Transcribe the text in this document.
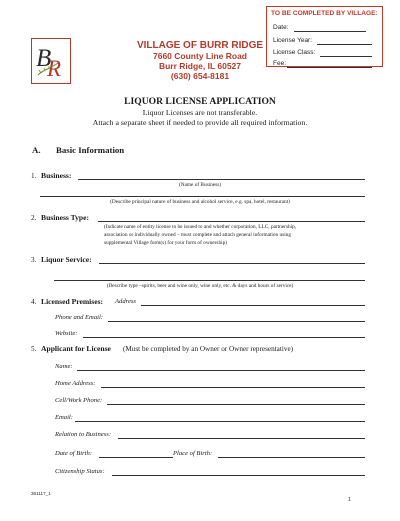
TO BE COMPLETED BY VILLAGE:
Date:
License Year:
License Class:
Fee:
B
R
VILLAGE OF BURR RIDGE
7660 County Line Road
Burr Ridge, IL 60527
(630) 654-8181
LIQUOR LICENSE APPLICATION
Liquor Licenses are not transferable.
Attach a separate sheet if needed to provide all required information.
A. Basic Information
1. Business:
(Name of Business)
(Describe principal nature of business and alcohol service, e.g. spa, hotel, restaurant)
2. Business Type:
(Indicate name of entity license to be issued to and whether corporation, LLC, partnership,
association or individually owned – must complete and attach general information using
supplemental Village form(s) for your form of ownership)
3. Liquor Service:
(Describe type –spirits, beer and wine only, wine only, etc. & days and hours of service)
4. Licensed Premises: Address
Phone and Email:
Website:
5. Applicant for License (Must be completed by an Owner or Owner representative)
Name:
Home Address:
Cell/Work Phone:
Email:
Relation to Business:
Date of Birth:	Place of Birth:
Citizenship Status:
361117_1
1
